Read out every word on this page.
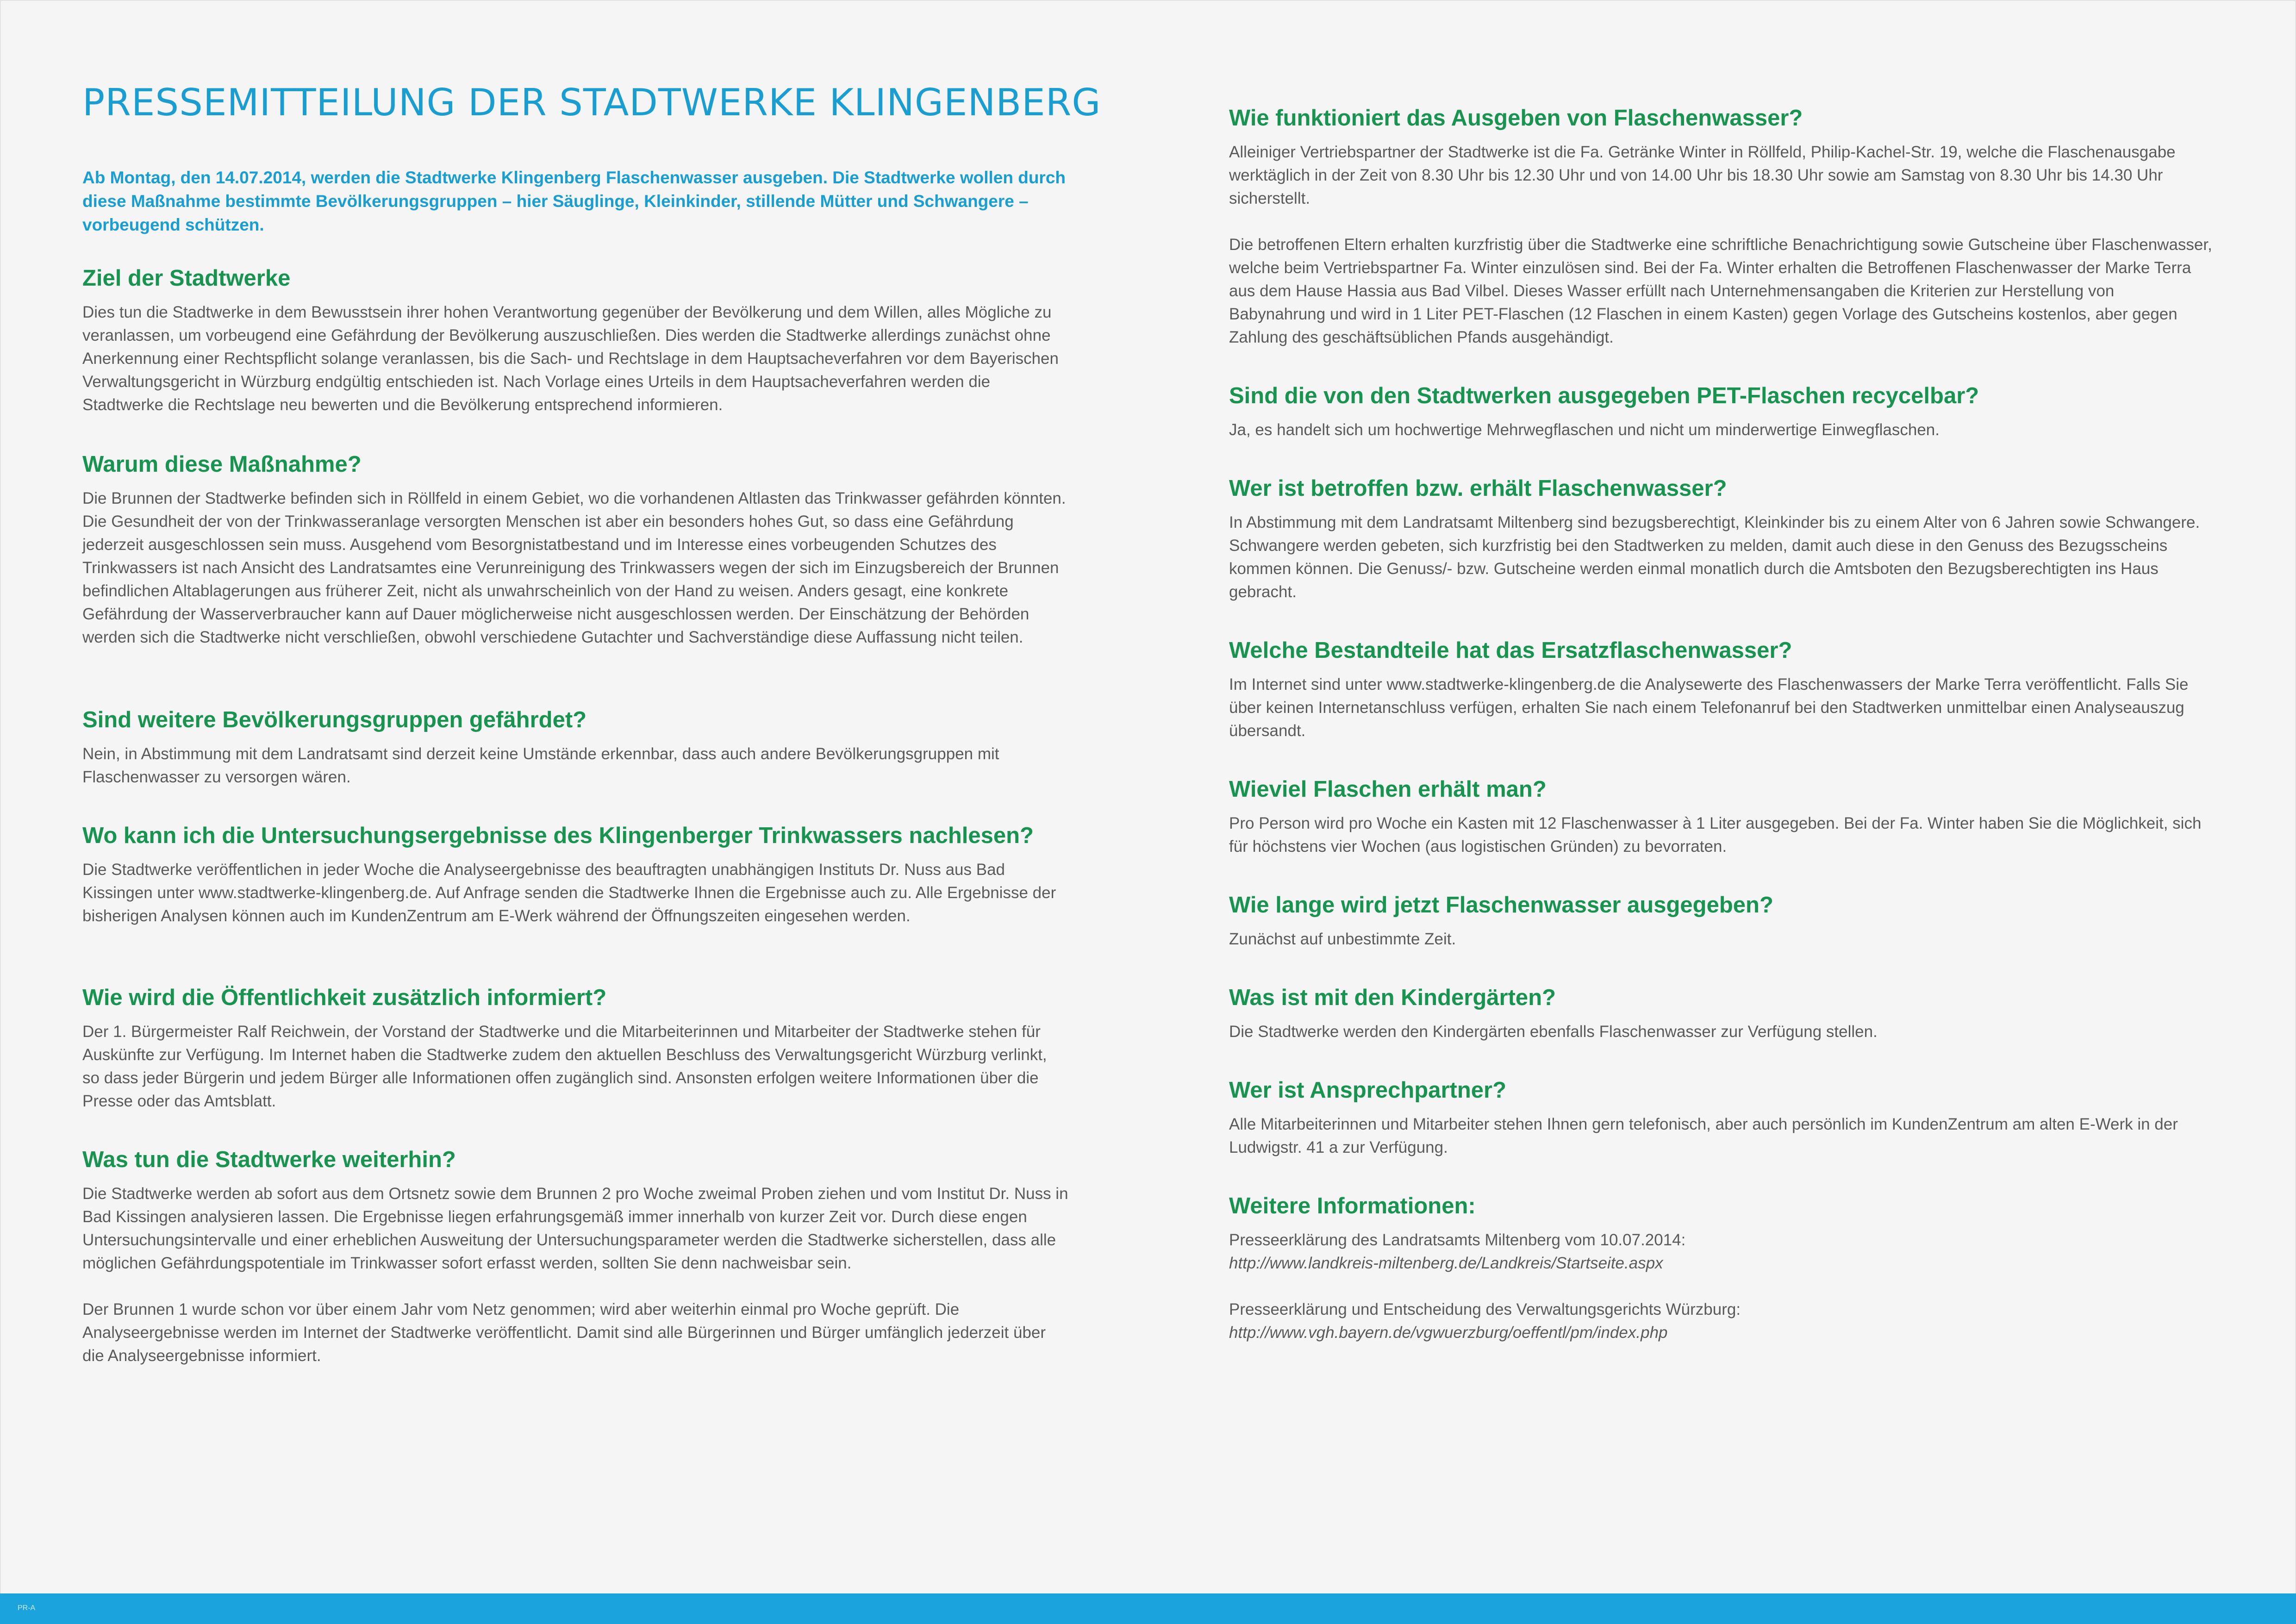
PRESSEMITTEILUNG DER STADTWERKE KLINGENBERG

Ab Montag, den 14.07.2014, werden die Stadtwerke Klingenberg Flaschenwasser ausgeben. Die Stadtwerke wollen durch diese Maßnahme bestimmte Bevölkerungsgruppen – hier Säuglinge, Kleinkinder, stillende Mütter und Schwangere – vorbeugend schützen.

Ziel der Stadtwerke

Dies tun die Stadtwerke in dem Bewusstsein ihrer hohen Verantwortung gegenüber der Bevölkerung und dem Willen, alles Mögliche zu veranlassen, um vorbeugend eine Gefährdung der Bevölkerung auszuschließen. Dies werden die Stadtwerke allerdings zunächst ohne Anerkennung einer Rechtspflicht solange veranlassen, bis die Sach- und Rechtslage in dem Hauptsacheverfahren vor dem Bayerischen Verwaltungsgericht in Würzburg endgültig entschieden ist. Nach Vorlage eines Urteils in dem Hauptsacheverfahren werden die Stadtwerke die Rechtslage neu bewerten und die Bevölkerung entsprechend informieren.

Warum diese Maßnahme?

Die Brunnen der Stadtwerke befinden sich in Röllfeld in einem Gebiet, wo die vorhandenen Altlasten das Trinkwasser gefährden könnten. Die Gesundheit der von der Trinkwasseranlage versorgten Menschen ist aber ein besonders hohes Gut, so dass eine Gefährdung jederzeit ausgeschlossen sein muss. Ausgehend vom Besorgnistatbestand und im Interesse eines vorbeugenden Schutzes des Trinkwassers ist nach Ansicht des Landratsamtes eine Verunreinigung des Trinkwassers wegen der sich im Einzugsbereich der Brunnen befindlichen Altablagerungen aus früherer Zeit, nicht als unwahrscheinlich von der Hand zu weisen. Anders gesagt, eine konkrete Gefährdung der Wasserverbraucher kann auf Dauer möglicherweise nicht ausgeschlossen werden. Der Einschätzung der Behörden werden sich die Stadtwerke nicht verschließen, obwohl verschiedene Gutachter und Sachverständige diese Auffassung nicht teilen.

Sind weitere Bevölkerungsgruppen gefährdet?

Nein, in Abstimmung mit dem Landratsamt sind derzeit keine Umstände erkennbar, dass auch andere Bevölkerungsgruppen mit Flaschenwasser zu versorgen wären.

Wo kann ich die Untersuchungsergebnisse des Klingenberger Trinkwassers nachlesen?

Die Stadtwerke veröffentlichen in jeder Woche die Analyseergebnisse des beauftragten unabhängigen Instituts Dr. Nuss aus Bad Kissingen unter www.stadtwerke-klingenberg.de. Auf Anfrage senden die Stadtwerke Ihnen die Ergebnisse auch zu. Alle Ergebnisse der bisherigen Analysen können auch im KundenZentrum am E-Werk während der Öffnungszeiten eingesehen werden.

Wie wird die Öffentlichkeit zusätzlich informiert?

Der 1. Bürgermeister Ralf Reichwein, der Vorstand der Stadtwerke und die Mitarbeiterinnen und Mitarbeiter der Stadtwerke stehen für Auskünfte zur Verfügung. Im Internet haben die Stadtwerke zudem den aktuellen Beschluss des Verwaltungsgericht Würzburg verlinkt, so dass jeder Bürgerin und jedem Bürger alle Informationen offen zugänglich sind. Ansonsten erfolgen weitere Informationen über die Presse oder das Amtsblatt.

Was tun die Stadtwerke weiterhin?

Die Stadtwerke werden ab sofort aus dem Ortsnetz sowie dem Brunnen 2 pro Woche zweimal Proben ziehen und vom Institut Dr. Nuss in Bad Kissingen analysieren lassen. Die Ergebnisse liegen erfahrungsgemäß immer innerhalb von kurzer Zeit vor. Durch diese engen Untersuchungsintervalle und einer erheblichen Ausweitung der Untersuchungsparameter werden die Stadtwerke sicherstellen, dass alle möglichen Gefährdungspotentiale im Trinkwasser sofort erfasst werden, sollten Sie denn nachweisbar sein.

Der Brunnen 1 wurde schon vor über einem Jahr vom Netz genommen; wird aber weiterhin einmal pro Woche geprüft. Die Analyseergebnisse werden im Internet der Stadtwerke veröffentlicht. Damit sind alle Bürgerinnen und Bürger umfänglich jederzeit über die Analyseergebnisse informiert.

Wie funktioniert das Ausgeben von Flaschenwasser?

Alleiniger Vertriebspartner der Stadtwerke ist die Fa. Getränke Winter in Röllfeld, Philip-Kachel-Str. 19, welche die Flaschenausgabe werktäglich in der Zeit von 8.30 Uhr bis 12.30 Uhr und von 14.00 Uhr bis 18.30 Uhr sowie am Samstag von 8.30 Uhr bis 14.30 Uhr sicherstellt.

Die betroffenen Eltern erhalten kurzfristig über die Stadtwerke eine schriftliche Benachrichtigung sowie Gutscheine über Flaschenwasser, welche beim Vertriebspartner Fa. Winter einzulösen sind. Bei der Fa. Winter erhalten die Betroffenen Flaschenwasser der Marke Terra aus dem Hause Hassia aus Bad Vilbel. Dieses Wasser erfüllt nach Unternehmensangaben die Kriterien zur Herstellung von Babynahrung und wird in 1 Liter PET-Flaschen (12 Flaschen in einem Kasten) gegen Vorlage des Gutscheins kostenlos, aber gegen Zahlung des geschäftsüblichen Pfands ausgehändigt.

Sind die von den Stadtwerken ausgegeben PET-Flaschen recycelbar?

Ja, es handelt sich um hochwertige Mehrwegflaschen und nicht um minderwertige Einwegflaschen.

Wer ist betroffen bzw. erhält Flaschenwasser?

In Abstimmung mit dem Landratsamt Miltenberg sind bezugsberechtigt, Kleinkinder bis zu einem Alter von 6 Jahren sowie Schwangere. Schwangere werden gebeten, sich kurzfristig bei den Stadtwerken zu melden, damit auch diese in den Genuss des Bezugsscheins kommen können. Die Genuss/- bzw. Gutscheine werden einmal monatlich durch die Amtsboten den Bezugsberechtigten ins Haus gebracht.

Welche Bestandteile hat das Ersatzflaschenwasser?

Im Internet sind unter www.stadtwerke-klingenberg.de die Analysewerte des Flaschenwassers der Marke Terra veröffentlicht. Falls Sie über keinen Internetanschluss verfügen, erhalten Sie nach einem Telefonanruf bei den Stadtwerken unmittelbar einen Analyseauszug übersandt.

Wieviel Flaschen erhält man?

Pro Person wird pro Woche ein Kasten mit 12 Flaschenwasser à 1 Liter ausgegeben. Bei der Fa. Winter haben Sie die Möglichkeit, sich für höchstens vier Wochen (aus logistischen Gründen) zu bevorraten.

Wie lange wird jetzt Flaschenwasser ausgegeben?

Zunächst auf unbestimmte Zeit.

Was ist mit den Kindergärten?

Die Stadtwerke werden den Kindergärten ebenfalls Flaschenwasser zur Verfügung stellen.

Wer ist Ansprechpartner?

Alle Mitarbeiterinnen und Mitarbeiter stehen Ihnen gern telefonisch, aber auch persönlich im KundenZentrum am alten E-Werk in der Ludwigstr. 41 a zur Verfügung.

Weitere Informationen:

Presseerklärung des Landratsamts Miltenberg vom 10.07.2014:

http://www.landkreis-miltenberg.de/Landkreis/Startseite.aspx

Presseerklärung und Entscheidung des Verwaltungsgerichts Würzburg:

http://www.vgh.bayern.de/vgwuerzburg/oeffentl/pm/index.php

PR-A
